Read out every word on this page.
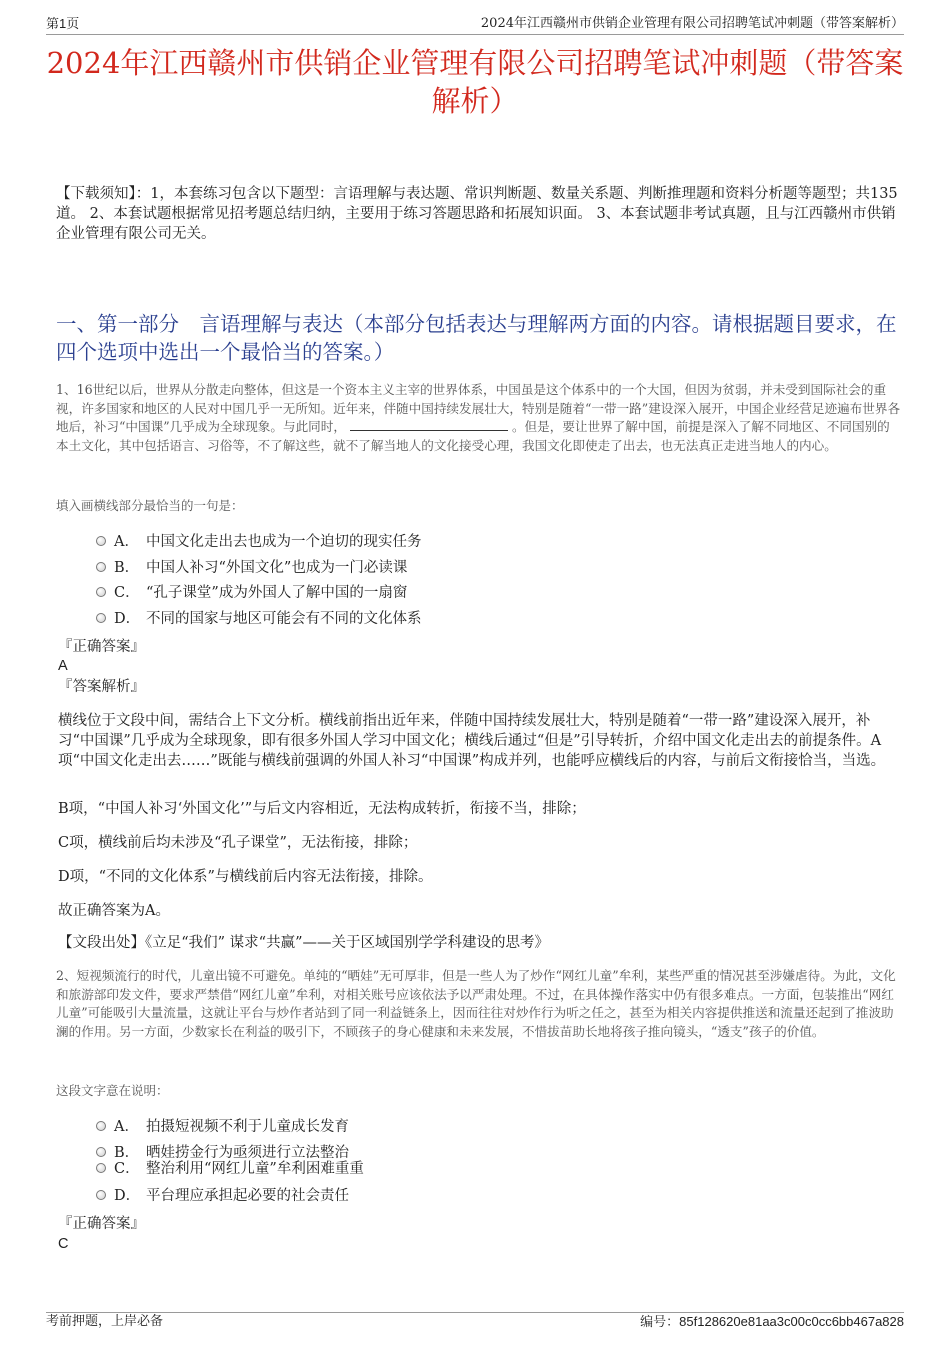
第1页	2024年江西赣州市供销企业管理有限公司招聘笔试冲刺题（带答案解析）
2024年江西赣州市供销企业管理有限公司招聘笔试冲刺题（带答案解析）
【下载须知】：1，本套练习包含以下题型：言语理解与表达题、常识判断题、数量关系题、判断推理题和资料分析题等题型；共135道。 2、本套试题根据常见招考题总结归纳，主要用于练习答题思路和拓展知识面。 3、本套试题非考试真题，且与江西赣州市供销企业管理有限公司无关。
一、第一部分　言语理解与表达（本部分包括表达与理解两方面的内容。请根据题目要求，在四个选项中选出一个最恰当的答案。）
1、16世纪以后，世界从分散走向整体，但这是一个资本主义主宰的世界体系，中国虽是这个体系中的一个大国，但因为贫弱，并未受到国际社会的重视，许多国家和地区的人民对中国几乎一无所知。近年来，伴随中国持续发展壮大，特别是随着“一带一路”建设深入展开，中国企业经营足迹遍布世界各地后，补习“中国课”几乎成为全球现象。与此同时，	。但是，要让世界了解中国，前提是深入了解不同地区、不同国别的本土文化，其中包括语言、习俗等，不了解这些，就不了解当地人的文化接受心理，我国文化即使走了出去，也无法真正走进当地人的内心。
填入画横线部分最恰当的一句是：
A． 中国文化走出去也成为一个迫切的现实任务
B． 中国人补习“外国文化”也成为一门必读课
C． “孔子课堂”成为外国人了解中国的一扇窗
D． 不同的国家与地区可能会有不同的文化体系
『正确答案』
A
『答案解析』
横线位于文段中间，需结合上下文分析。横线前指出近年来，伴随中国持续发展壮大，特别是随着“一带一路”建设深入展开，补习“中国课”几乎成为全球现象，即有很多外国人学习中国文化；横线后通过“但是”引导转折，介绍中国文化走出去的前提条件。A项“中国文化走出去……”既能与横线前强调的外国人补习“中国课”构成并列，也能呼应横线后的内容，与前后文衔接恰当，当选。
B项，“中国人补习‘外国文化’”与后文内容相近，无法构成转折，衔接不当，排除；
C项，横线前后均未涉及“孔子课堂”，无法衔接，排除；
D项，“不同的文化体系”与横线前后内容无法衔接，排除。
故正确答案为A。
【文段出处】《立足“我们” 谋求“共赢”——关于区域国别学学科建设的思考》
2、短视频流行的时代，儿童出镜不可避免。单纯的“晒娃”无可厚非，但是一些人为了炒作“网红儿童”牟利，某些严重的情况甚至涉嫌虐待。为此，文化和旅游部印发文件，要求严禁借“网红儿童”牟利，对相关账号应该依法予以严肃处理。不过，在具体操作落实中仍有很多难点。一方面，包装推出“网红儿童”可能吸引大量流量，这就让平台与炒作者站到了同一利益链条上，因而往往对炒作行为听之任之，甚至为相关内容提供推送和流量还起到了推波助澜的作用。另一方面，少数家长在利益的吸引下，不顾孩子的身心健康和未来发展，不惜拔苗助长地将孩子推向镜头，“透支”孩子的价值。
这段文字意在说明：
A． 拍摄短视频不利于儿童成长发育
B． 晒娃捞金行为亟须进行立法整治
C． 整治利用“网红儿童”牟利困难重重
D． 平台理应承担起必要的社会责任
『正确答案』
C
考前押题，上岸必备	编号：85f128620e81aa3c00c0cc6bb467a828
